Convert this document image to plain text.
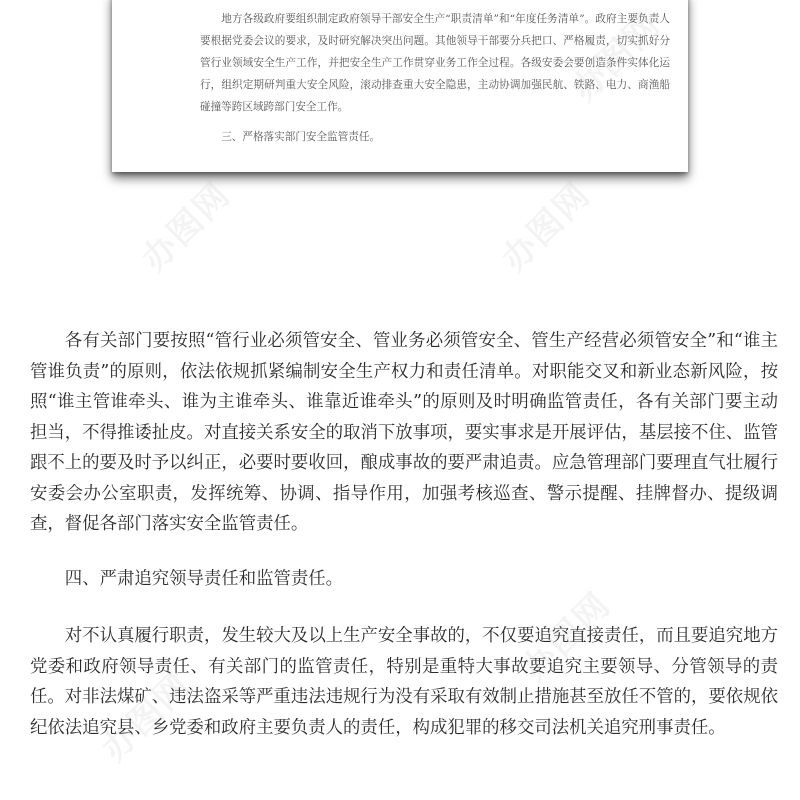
地方各级政府要组织制定政府领导干部安全生产“职责清单”和“年度任务清单”。政府主要负责人要根据党委会议的要求，及时研究解决突出问题。其他领导干部要分兵把口、严格履责，切实抓好分管行业领域安全生产工作，并把安全生产工作贯穿业务工作全过程。各级安委会要创造条件实体化运行，组织定期研判重大安全风险，滚动排查重大安全隐患，主动协调加强民航、铁路、电力、商渔船碰撞等跨区域跨部门安全工作。

三、严格落实部门安全监管责任。

各有关部门要按照“管行业必须管安全、管业务必须管安全、管生产经营必须管安全”和“谁主管谁负责”的原则，依法依规抓紧编制安全生产权力和责任清单。对职能交叉和新业态新风险，按照“谁主管谁牵头、谁为主谁牵头、谁靠近谁牵头”的原则及时明确监管责任，各有关部门要主动担当，不得推诿扯皮。对直接关系安全的取消下放事项，要实事求是开展评估，基层接不住、监管跟不上的要及时予以纠正，必要时要收回，酿成事故的要严肃追责。应急管理部门要理直气壮履行安委会办公室职责，发挥统筹、协调、指导作用，加强考核巡查、警示提醒、挂牌督办、提级调查，督促各部门落实安全监管责任。

四、严肃追究领导责任和监管责任。

对不认真履行职责，发生较大及以上生产安全事故的，不仅要追究直接责任，而且要追究地方党委和政府领导责任、有关部门的监管责任，特别是重特大事故要追究主要领导、分管领导的责任。对非法煤矿、违法盗采等严重违法违规行为没有采取有效制止措施甚至放任不管的，要依规依纪依法追究县、乡党委和政府主要负责人的责任，构成犯罪的移交司法机关追究刑事责任。

办图网	办图网
办图网
办图网
